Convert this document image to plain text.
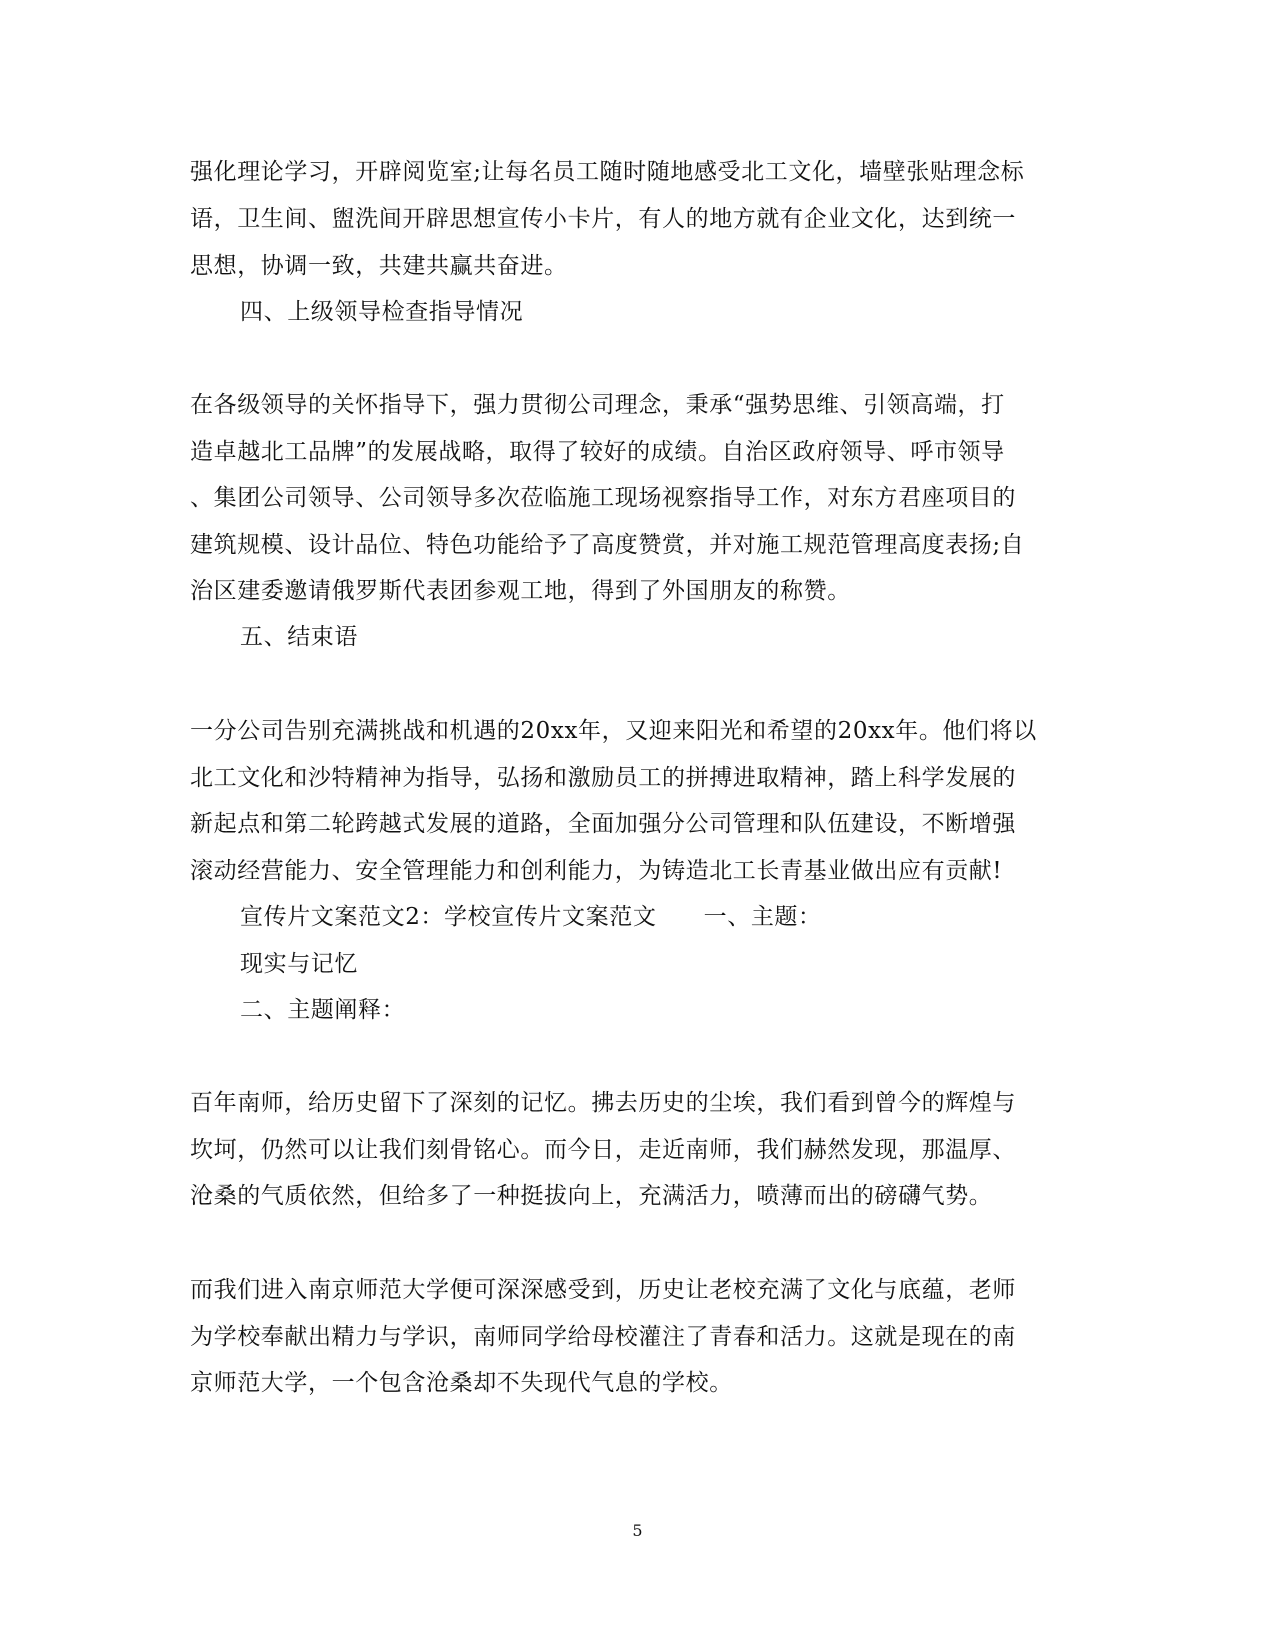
强化理论学习，开辟阅览室;让每名员工随时随地感受北工文化，墙壁张贴理念标
语，卫生间、盥洗间开辟思想宣传小卡片，有人的地方就有企业文化，达到统一
思想，协调一致，共建共赢共奋进。
四、上级领导检查指导情况
在各级领导的关怀指导下，强力贯彻公司理念，秉承“强势思维、引领高端，打
造卓越北工品牌”的发展战略，取得了较好的成绩。自治区政府领导、呼市领导
、集团公司领导、公司领导多次莅临施工现场视察指导工作，对东方君座项目的
建筑规模、设计品位、特色功能给予了高度赞赏，并对施工规范管理高度表扬;自
治区建委邀请俄罗斯代表团参观工地，得到了外国朋友的称赞。
五、结束语
一分公司告别充满挑战和机遇的20xx年，又迎来阳光和希望的20xx年。他们将以
北工文化和沙特精神为指导，弘扬和激励员工的拼搏进取精神，踏上科学发展的
新起点和第二轮跨越式发展的道路，全面加强分公司管理和队伍建设，不断增强
滚动经营能力、安全管理能力和创利能力，为铸造北工长青基业做出应有贡献!
宣传片文案范文2：学校宣传片文案范文　　一、主题：
现实与记忆
二、主题阐释：
百年南师，给历史留下了深刻的记忆。拂去历史的尘埃，我们看到曾今的辉煌与
坎坷，仍然可以让我们刻骨铭心。而今日，走近南师，我们赫然发现，那温厚、
沧桑的气质依然，但给多了一种挺拔向上，充满活力，喷薄而出的磅礴气势。
而我们进入南京师范大学便可深深感受到，历史让老校充满了文化与底蕴，老师
为学校奉献出精力与学识，南师同学给母校灌注了青春和活力。这就是现在的南
京师范大学，一个包含沧桑却不失现代气息的学校。
5
